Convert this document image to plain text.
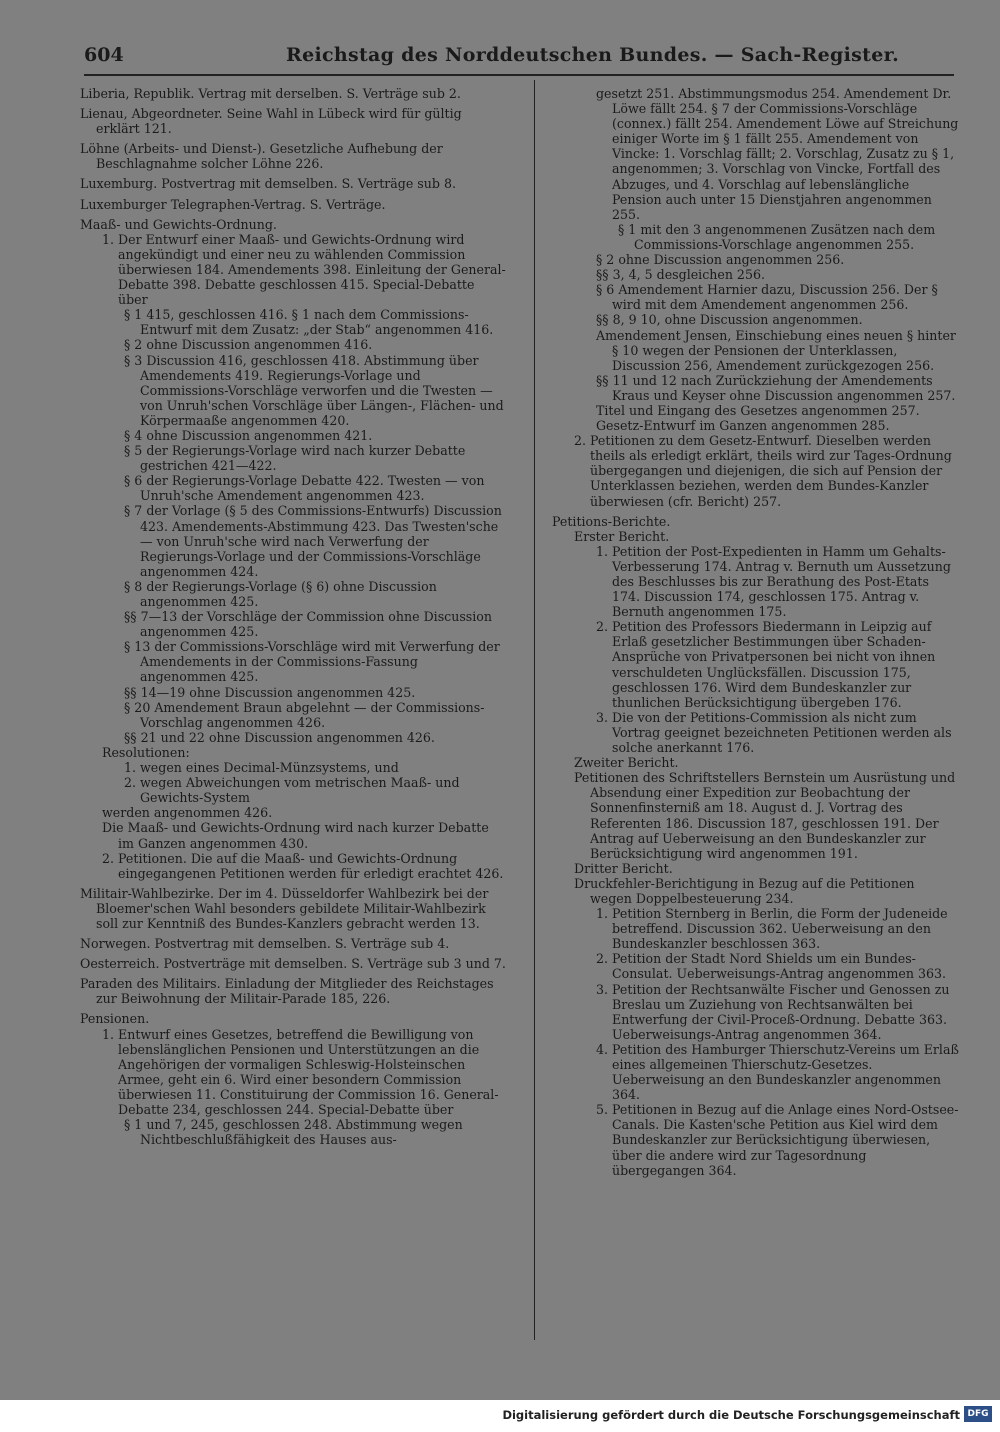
604	Reichstag des Norddeutschen Bundes. — Sach-Register.

Liberia, Republik. Vertrag mit derselben. S. Verträge sub 2.

Lienau, Abgeordneter. Seine Wahl in Lübeck wird für gültig erklärt 121.

Löhne (Arbeits- und Dienst-). Gesetzliche Aufhebung der Beschlagnahme solcher Löhne 226.

Luxemburg. Postvertrag mit demselben. S. Verträge sub 8.

Luxemburger Telegraphen-Vertrag. S. Verträge.

Maaß- und Gewichts-Ordnung.

1. Der Entwurf einer Maaß- und Gewichts-Ordnung wird angekündigt und einer neu zu wählenden Commission überwiesen 184. Amendements 398. Einleitung der General-Debatte 398. Debatte geschlossen 415. Special-Debatte über

§ 1 415, geschlossen 416. § 1 nach dem Commissions-Entwurf mit dem Zusatz: „der Stab“ angenommen 416.

§ 2 ohne Discussion angenommen 416.

§ 3 Discussion 416, geschlossen 418. Abstimmung über Amendements 419. Regierungs-Vorlage und Commissions-Vorschläge verworfen und die Twesten — von Unruh'schen Vorschläge über Längen-, Flächen- und Körpermaaße angenommen 420.

§ 4 ohne Discussion angenommen 421.

§ 5 der Regierungs-Vorlage wird nach kurzer Debatte gestrichen 421—422.

§ 6 der Regierungs-Vorlage Debatte 422. Twesten — von Unruh'sche Amendement angenommen 423.

§ 7 der Vorlage (§ 5 des Commissions-Entwurfs) Discussion 423. Amendements-Abstimmung 423. Das Twesten'sche — von Unruh'sche wird nach Verwerfung der Regierungs-Vorlage und der Commissions-Vorschläge angenommen 424.

§ 8 der Regierungs-Vorlage (§ 6) ohne Discussion angenommen 425.

§§ 7—13 der Vorschläge der Commission ohne Discussion angenommen 425.

§ 13 der Commissions-Vorschläge wird mit Verwerfung der Amendements in der Commissions-Fassung angenommen 425.

§§ 14—19 ohne Discussion angenommen 425.

§ 20 Amendement Braun abgelehnt — der Commissions-Vorschlag angenommen 426.

§§ 21 und 22 ohne Discussion angenommen 426.

Resolutionen:

1. wegen eines Decimal-Münzsystems, und

2. wegen Abweichungen vom metrischen Maaß- und Gewichts-System

werden angenommen 426.

Die Maaß- und Gewichts-Ordnung wird nach kurzer Debatte im Ganzen angenommen 430.

2. Petitionen. Die auf die Maaß- und Gewichts-Ordnung eingegangenen Petitionen werden für erledigt erachtet 426.

Militair-Wahlbezirke. Der im 4. Düsseldorfer Wahlbezirk bei der Bloemer'schen Wahl besonders gebildete Militair-Wahlbezirk soll zur Kenntniß des Bundes-Kanzlers gebracht werden 13.

Norwegen. Postvertrag mit demselben. S. Verträge sub 4.

Oesterreich. Postverträge mit demselben. S. Verträge sub 3 und 7.

Paraden des Militairs. Einladung der Mitglieder des Reichstages zur Beiwohnung der Militair-Parade 185, 226.

Pensionen.

1. Entwurf eines Gesetzes, betreffend die Bewilligung von lebenslänglichen Pensionen und Unterstützungen an die Angehörigen der vormaligen Schleswig-Holsteinschen Armee, geht ein 6. Wird einer besondern Commission überwiesen 11. Constituirung der Commission 16. General-Debatte 234, geschlossen 244. Special-Debatte über

§ 1 und 7, 245, geschlossen 248. Abstimmung wegen Nichtbeschlußfähigkeit des Hauses aus-

gesetzt 251. Abstimmungsmodus 254. Amendement Dr. Löwe fällt 254. § 7 der Commissions-Vorschläge (connex.) fällt 254. Amendement Löwe auf Streichung einiger Worte im § 1 fällt 255. Amendement von Vincke: 1. Vorschlag fällt; 2. Vorschlag, Zusatz zu § 1, angenommen; 3. Vorschlag von Vincke, Fortfall des Abzuges, und 4. Vorschlag auf lebenslängliche Pension auch unter 15 Dienstjahren angenommen 255.

§ 1 mit den 3 angenommenen Zusätzen nach dem Commissions-Vorschlage angenommen 255.

§ 2 ohne Discussion angenommen 256.

§§ 3, 4, 5 desgleichen 256.

§ 6 Amendement Harnier dazu, Discussion 256. Der § wird mit dem Amendement angenommen 256.

§§ 8, 9 10, ohne Discussion angenommen.

Amendement Jensen, Einschiebung eines neuen § hinter § 10 wegen der Pensionen der Unterklassen, Discussion 256, Amendement zurückgezogen 256.

§§ 11 und 12 nach Zurückziehung der Amendements Kraus und Keyser ohne Discussion angenommen 257.

Titel und Eingang des Gesetzes angenommen 257.

Gesetz-Entwurf im Ganzen angenommen 285.

2. Petitionen zu dem Gesetz-Entwurf. Dieselben werden theils als erledigt erklärt, theils wird zur Tages-Ordnung übergegangen und diejenigen, die sich auf Pension der Unterklassen beziehen, werden dem Bundes-Kanzler überwiesen (cfr. Bericht) 257.

Petitions-Berichte.

Erster Bericht.

1. Petition der Post-Expedienten in Hamm um Gehalts-Verbesserung 174. Antrag v. Bernuth um Aussetzung des Beschlusses bis zur Berathung des Post-Etats 174. Discussion 174, geschlossen 175. Antrag v. Bernuth angenommen 175.

2. Petition des Professors Biedermann in Leipzig auf Erlaß gesetzlicher Bestimmungen über Schaden-Ansprüche von Privatpersonen bei nicht von ihnen verschuldeten Unglücksfällen. Discussion 175, geschlossen 176. Wird dem Bundeskanzler zur thunlichen Berücksichtigung übergeben 176.

3. Die von der Petitions-Commission als nicht zum Vortrag geeignet bezeichneten Petitionen werden als solche anerkannt 176.

Zweiter Bericht.

Petitionen des Schriftstellers Bernstein um Ausrüstung und Absendung einer Expedition zur Beobachtung der Sonnenfinsterniß am 18. August d. J. Vortrag des Referenten 186. Discussion 187, geschlossen 191. Der Antrag auf Ueberweisung an den Bundeskanzler zur Berücksichtigung wird angenommen 191.

Dritter Bericht.

Druckfehler-Berichtigung in Bezug auf die Petitionen wegen Doppelbesteuerung 234.

1. Petition Sternberg in Berlin, die Form der Judeneide betreffend. Discussion 362. Ueberweisung an den Bundeskanzler beschlossen 363.

2. Petition der Stadt Nord Shields um ein Bundes-Consulat. Ueberweisungs-Antrag angenommen 363.

3. Petition der Rechtsanwälte Fischer und Genossen zu Breslau um Zuziehung von Rechtsanwälten bei Entwerfung der Civil-Proceß-Ordnung. Debatte 363. Ueberweisungs-Antrag angenommen 364.

4. Petition des Hamburger Thierschutz-Vereins um Erlaß eines allgemeinen Thierschutz-Gesetzes. Ueberweisung an den Bundeskanzler angenommen 364.

5. Petitionen in Bezug auf die Anlage eines Nord-Ostsee-Canals. Die Kasten'sche Petition aus Kiel wird dem Bundeskanzler zur Berücksichtigung überwiesen, über die andere wird zur Tagesordnung übergegangen 364.

Digitalisierung gefördert durch die Deutsche Forschungsgemeinschaft DFG
